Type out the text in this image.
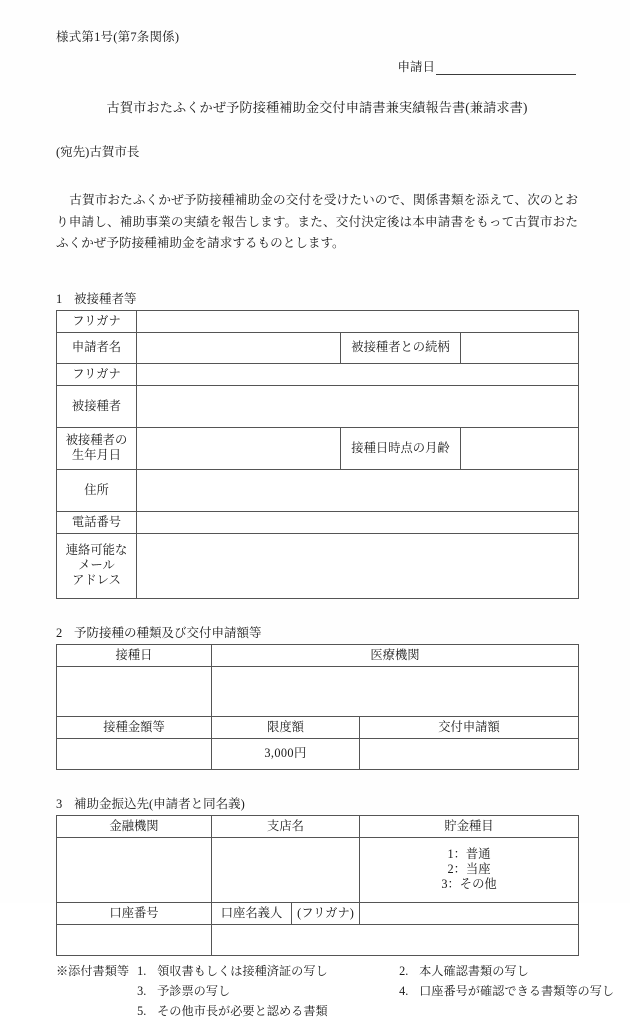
様式第1号(第7条関係)
申請日
古賀市おたふくかぜ予防接種補助金交付申請書兼実績報告書(兼請求書)
(宛先)古賀市長
古賀市おたふくかぜ予防接種補助金の交付を受けたいので、関係書類を添えて、次のとおり申請し、補助事業の実績を報告します。また、交付決定後は本申請書をもって古賀市おたふくかぜ予防接種補助金を請求するものとします。
1 被接種者等
フリガナ			
申請者名		被接種者との続柄	
フリガナ			
被接種者			

被接種者の
生年月日		接種日時点の月齢	
住所			
電話番号			

連絡可能な
メール
アドレス			

2 予防接種の種類及び交付申請額等
接種日	医療機関	

接種金額等	限度額	交付申請額
	3,000円	
3 補助金振込先(申請者と同名義)
金融機関	支店名		貯金種目

			1：普通
2：当座
3：その他

口座番号	口座名義人	(フリガナ)	

※添付書類等 1. 領収書もしくは接種済証の写し	2. 本人確認書類の写し
3. 予診票の写し	4. 口座番号が確認できる書類等の写し
5. その他市長が必要と認める書類
